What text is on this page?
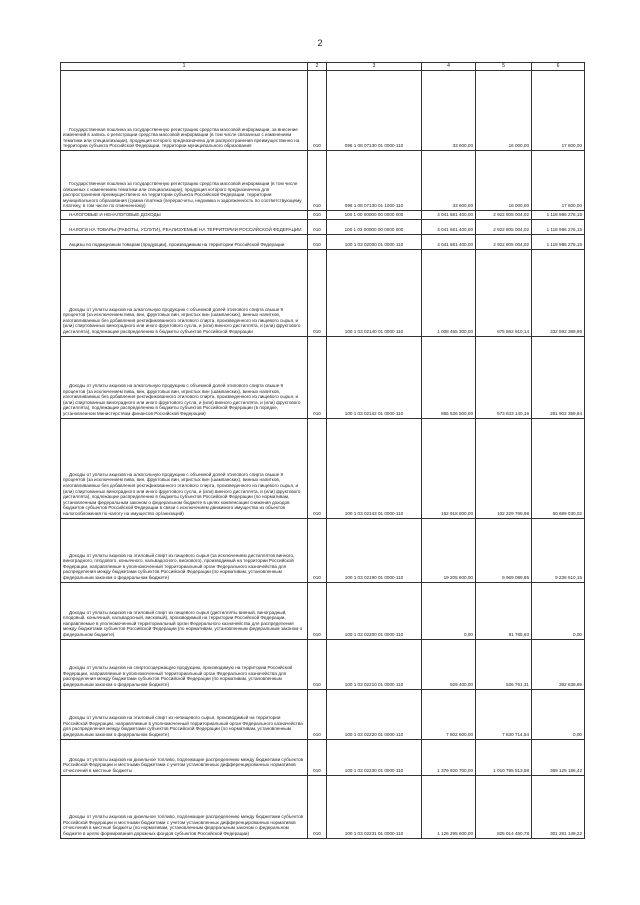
2
1	2	3	4	5	6

Государственная пошлина за государственную регистрацию средства массовой информации, за внесение изменений в запись о регистрации средства массовой информации (в том числе связанных с изменением тематики или специализации), продукция которого предназначена для распространения преимущественно на территории субъекта Российской Федерации, территории муниципального образования	010	096 1 08 07130 01 0000 110	33 600,00	16 000,00	17 600,00

Государственная пошлина за государственную регистрацию средства массовой информации (в том числе связанных с изменением тематики или специализации), продукция которого предназначена для распространения преимущественно на территории субъекта Российской Федерации, территории муниципального образования (сумма платежа (перерасчеты, недоимка и задолженность по соответствующему платежу, в том числе по отмененному)	010	096 1 08 07130 01 1000 110	33 600,00	16 000,00	17 600,00

НАЛОГОВЫЕ И НЕНАЛОГОВЫЕ ДОХОДЫ	010	100 1 00 00000 00 0000 000	4 041 681 400,00	2 922 805 004,02	1 118 986 276,15

НАЛОГИ НА ТОВАРЫ (РАБОТЫ, УСЛУГИ), РЕАЛИЗУЕМЫЕ НА ТЕРРИТОРИИ РОССИЙСКОЙ ФЕДЕРАЦИИ	010	100 1 03 00000 00 0000 000	4 041 681 400,00	2 922 805 004,02	1 118 986 276,15

Акцизы по подакцизным товарам (продукции), производимым на территории Российской Федерации	010	100 1 03 02000 01 0000 110	4 041 681 400,00	2 922 805 004,02	1 118 986 276,15

Доходы от уплаты акцизов на алкогольную продукцию с объемной долей этилового спирта свыше 9 процентов (за исключением пива, вин, фруктовых вин, игристых вин (шампанских), винных напитков, изготавливаемых без добавления ректификованного этилового спирта, произведенного из пищевого сырья, и (или) спиртованных виноградного или иного фруктового сусла, и (или) винного дистиллята, и (или) фруктового дистиллята), подлежащие распределению в бюджеты субъектов Российской Федерации	010	100 1 03 02140 01 0000 110	1 008 455 300,00	675 862 910,14	332 592 389,86

Доходы от уплаты акцизов на алкогольную продукцию с объемной долей этилового спирта свыше 9 процентов (за исключением пива, вин, фруктовых вин, игристых вин (шампанских), винных напитков, изготавливаемых без добавления ректификованного этилового спирта, произведенного из пищевого сырья, и (или) спиртованных виноградного или иного фруктового сусла, и (или) винного дистиллята, и (или) фруктового дистиллята), подлежащие распределению в бюджеты субъектов Российской Федерации (в порядке, установленном Министерством финансов Российской Федерации)	010	100 1 03 02142 01 0000 110	855 536 500,00	573 633 140,16	281 902 359,84

Доходы от уплаты акцизов на алкогольную продукцию с объемной долей этилового спирта свыше 9 процентов (за исключением пива, вин, фруктовых вин, игристых вин (шампанских), винных напитков, изготавливаемых без добавления ректификованного этилового спирта, произведенного из пищевого сырья, и (или) спиртованных виноградного или иного фруктового сусла, и (или) винного дистиллята, и (или) фруктового дистиллята), подлежащие распределению в бюджеты субъектов Российской Федерации (по нормативам, установленным федеральным законом о федеральном бюджете в целях компенсации снижения доходов бюджетов субъектов Российской Федерации в связи с исключением движимого имущества из объектов налогообложения по налогу на имущество организаций)	010	100 1 03 02143 01 0000 110	152 918 800,00	102 229 769,98	50 689 030,02

Доходы от уплаты акцизов на этиловый спирт из пищевого сырья (за исключением дистиллятов винного, виноградного, плодового, коньячного, кальвадосного, вискового), производимый на территории Российской Федерации, направляемые в уполномоченный территориальный орган Федерального казначейства для распределения между бюджетами субъектов Российской Федерации (по нормативам, установленным федеральным законом о федеральном бюджете)	010	100 1 03 02190 01 0000 110	19 205 600,00	9 969 089,85	9 236 510,15

Доходы от уплаты акцизов на этиловый спирт из пищевого сырья (дистилляты винный, виноградный, плодовый, коньячный, кальвадосный, висковый), производимый на территории Российской Федерации, направляемые в уполномоченный территориальный орган Федерального казначейства для распределения между бюджетами субъектов Российской Федерации (по нормативам, установленным федеральным законом о федеральном бюджете)	010	100 1 03 02200 01 0000 110	0,00	81 765,63	0,00

Доходы от уплаты акцизов на спиртосодержащую продукцию, производимую на территории Российской Федерации, направляемые в уполномоченный территориальный орган Федерального казначейства для распределения между бюджетами субъектов Российской Федерации (по нормативам, установленным федеральным законом о федеральном бюджете)	010	100 1 03 02210 01 0000 110	929 400,00	536 761,31	392 638,69

Доходы от уплаты акцизов на этиловый спирт из непищевого сырья, производимый на территории Российской Федерации, направляемые в уполномоченный территориальный орган Федерального казначейства для распределения между бюджетами субъектов Российской Федерации (по нормативам, установленным федеральным законом о федеральном бюджете)	010	100 1 03 02220 01 0000 110	7 802 600,00	7 830 714,54	0,00

Доходы от уплаты акцизов на дизельное топливо, подлежащие распределению между бюджетами субъектов Российской Федерации и местными бюджетами с учетом установленных дифференцированных нормативов отчислений в местные бюджеты	010	100 1 03 02230 01 0000 110	1 379 920 700,00	1 010 795 513,58	369 125 186,42

Доходы от уплаты акцизов на дизельное топливо, подлежащие распределению между бюджетами субъектов Российской Федерации и местными бюджетами с учетом установленных дифференцированных нормативов отчислений в местные бюджеты (по нормативам, установленным федеральным законом о федеральном бюджете в целях формирования дорожных фондов субъектов Российской Федерации)	010	100 1 03 02231 01 0000 110	1 126 295 600,00	825 014 450,78	301 281 149,22
